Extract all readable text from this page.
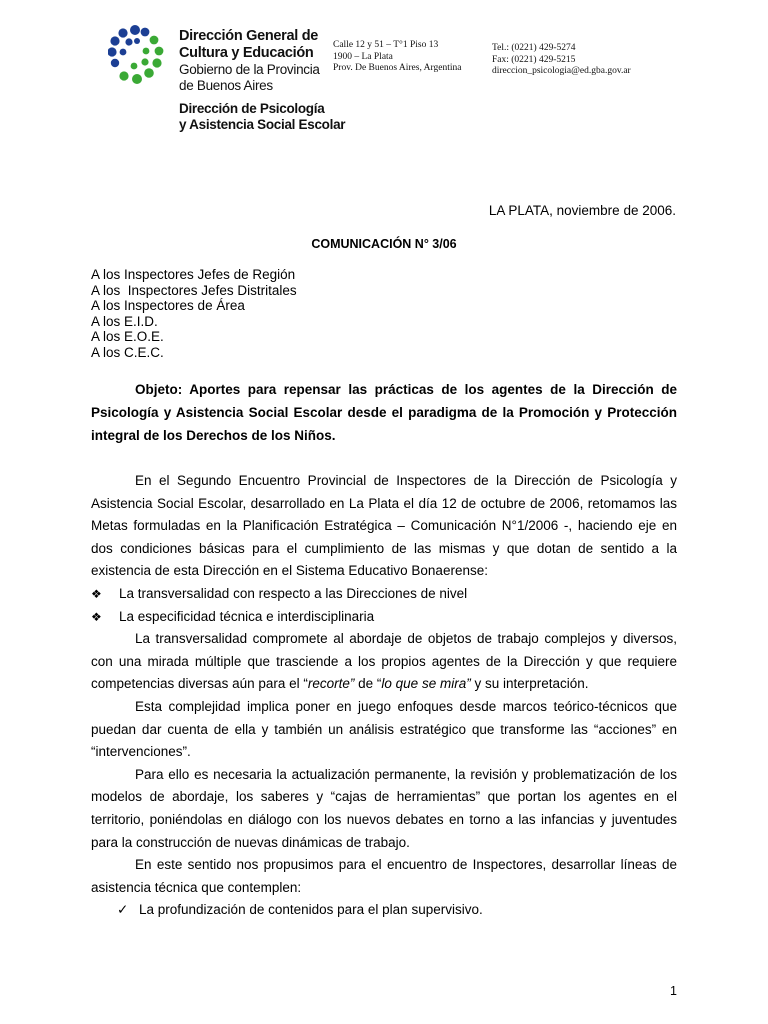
Dirección General de
Cultura y Educación
Gobierno de la Provincia
de Buenos Aires
Dirección de Psicología
y Asistencia Social Escolar
Calle 12 y 51 – T°1 Piso 13
1900 – La Plata
Prov. De Buenos Aires, Argentina
Tel.: (0221) 429-5274
Fax: (0221) 429-5215
direccion_psicologia@ed.gba.gov.ar
LA PLATA, noviembre de 2006.
COMUNICACIÓN N° 3/06
A los Inspectores Jefes de Región
A los  Inspectores Jefes Distritales
A los Inspectores de Área
A los E.I.D.
A los E.O.E.
A los C.E.C.
Objeto: Aportes para repensar las prácticas de los agentes de la Dirección de Psicología y Asistencia Social Escolar desde el paradigma de la Promoción y Protección integral de los Derechos de los Niños.

En el Segundo Encuentro Provincial de Inspectores de la Dirección de Psicología y Asistencia Social Escolar, desarrollado en La Plata el día 12 de octubre de 2006, retomamos las Metas formuladas en la Planificación Estratégica – Comunicación N°1/2006 -, haciendo eje en dos condiciones básicas para el cumplimiento de las mismas y que dotan de sentido a la existencia de esta Dirección en el Sistema Educativo Bonaerense:

❖	La transversalidad con respecto a las Direcciones de nivel
❖	La especificidad técnica e interdisciplinaria

La transversalidad compromete al abordaje de objetos de trabajo complejos y diversos, con una mirada múltiple que trasciende a los propios agentes de la Dirección y que requiere competencias diversas aún para el “recorte” de “lo que se mira” y su interpretación.

Esta complejidad implica poner en juego enfoques desde marcos teórico-técnicos que puedan dar cuenta de ella y también un análisis estratégico que transforme las “acciones” en “intervenciones”.

Para ello es necesaria la actualización permanente, la revisión y problematización de los modelos de abordaje, los saberes y “cajas de herramientas” que portan los agentes en el territorio, poniéndolas en diálogo con los nuevos debates en torno a las infancias y juventudes para la construcción de nuevas dinámicas de trabajo.

En este sentido nos propusimos para el encuentro de Inspectores, desarrollar líneas de asistencia técnica que contemplen:

✓ La profundización de contenidos para el plan supervisivo.
1
